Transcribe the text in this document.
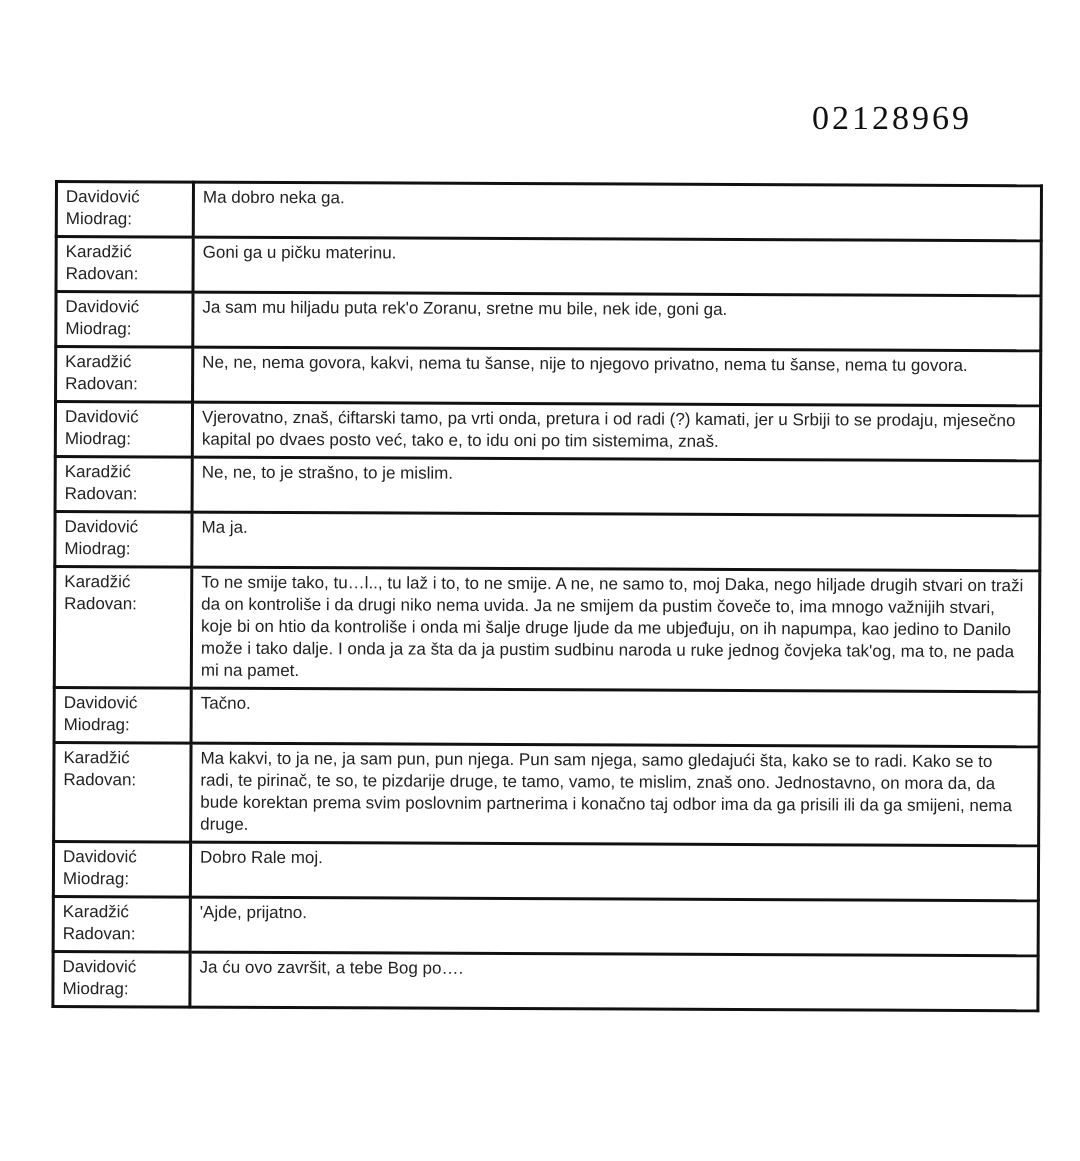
02128969
Davidović Miodrag:	Ma dobro neka ga.
Karadžić Radovan:	Goni ga u pičku materinu.
Davidović Miodrag:	Ja sam mu hiljadu puta rek'o Zoranu, sretne mu bile, nek ide, goni ga.
Karadžić Radovan:	Ne, ne, nema govora, kakvi, nema tu šanse, nije to njegovo privatno, nema tu šanse, nema tu govora.
Davidović Miodrag:	Vjerovatno, znaš, ćiftarski tamo, pa vrti onda, pretura i od radi (?) kamati, jer u Srbiji to se prodaju, mjesečno kapital po dvaes posto već, tako e, to idu oni po tim sistemima, znaš.
Karadžić Radovan:	Ne, ne, to je strašno, to je mislim.
Davidović Miodrag:	Ma ja.
Karadžić Radovan:	To ne smije tako, tu…l.., tu laž i to, to ne smije. A ne, ne samo to, moj Daka, nego hiljade drugih stvari on traži da on kontroliše i da drugi niko nema uvida. Ja ne smijem da pustim čoveče to, ima mnogo važnijih stvari, koje bi on htio da kontroliše i onda mi šalje druge ljude da me ubjeđuju, on ih napumpa, kao jedino to Danilo može i tako dalje. I onda ja za šta da ja pustim sudbinu naroda u ruke jednog čovjeka tak'og, ma to, ne pada mi na pamet.
Davidović Miodrag:	Tačno.
Karadžić Radovan:	Ma kakvi, to ja ne, ja sam pun, pun njega. Pun sam njega, samo gledajući šta, kako se to radi. Kako se to radi, te pirinač, te so, te pizdarije druge, te tamo, vamo, te mislim, znaš ono. Jednostavno, on mora da, da bude korektan prema svim poslovnim partnerima i konačno taj odbor ima da ga prisili ili da ga smijeni, nema druge.
Davidović Miodrag:	Dobro Rale moj.
Karadžić Radovan:	'Ajde, prijatno.
Davidović Miodrag:	Ja ću ovo završit, a tebe Bog po….
